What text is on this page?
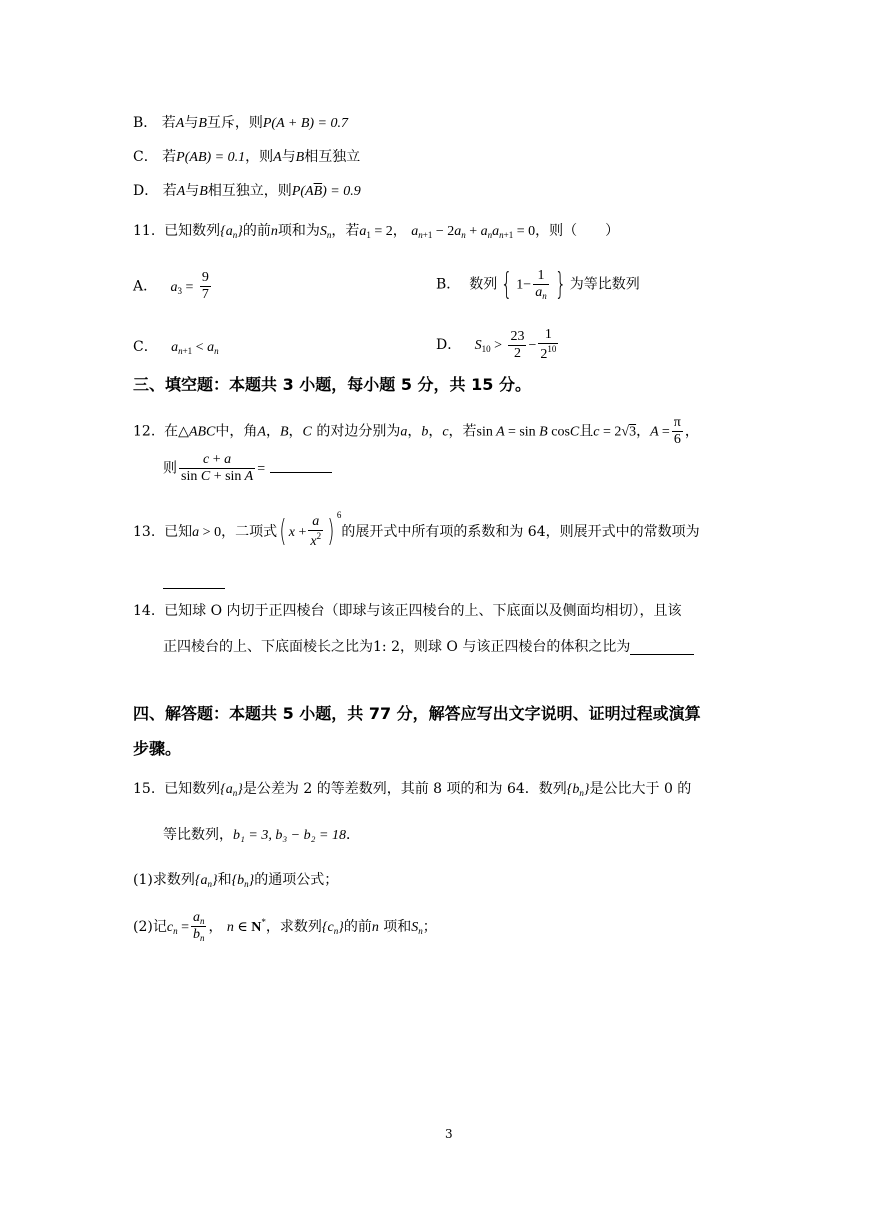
B． 若A与B互斥，则P(A + B) = 0.7
C． 若P(AB) = 0.1，则A与B相互独立
D． 若A与B相互独立，则$P(A\overline{B}) = 0.9$
11. 已知数列$\{a_n\}$的前n项和为$S_n$，若$a_1 = 2$， $a_{n+1} - 2a_n + a_na_{n+1} = 0$，则（　　）
A． $a_3 = \frac{9}{7}$	B． 数列 { $1- \frac{1}{a_n}$ } 为等比数列
C． $a_{n+1} < a_n$	D． $S_{10} > \frac{23}{2} - \frac{1}{2^{10}}$
三、填空题：本题共 3 小题，每小题 5 分，共 15 分。
12. 在△ABC中，角A，B，C 的对边分别为a，b，c，若sin A = sin B cosC且c = 2√3，$A = \frac{\pi}{6}$ ，
则 $\frac{c + a}{\text{sin C + sin A}}$ =
13. 已知a > 0，二项式( $x + \frac{a}{x^2}$ ) $^6$的展开式中所有项的系数和为 64，则展开式中的常数项为

14. 已知球 O 内切于正四棱台（即球与该正四棱台的上、下底面以及侧面均相切），且该
正四棱台的上、下底面棱长之比为1: 2，则球 O 与该正四棱台的体积之比为
四、解答题：本题共 5 小题，共 77 分，解答应写出文字说明、证明过程或演算
步骤。
15. 已知数列$\{a_n\}$是公差为 2 的等差数列，其前 8 项的和为 64．数列$\{b_n\}$是公比大于 0 的
等比数列，b₁ = 3, b₃ − b₂ = 18．
(1)求数列$\{a_n\}$和$\{b_n\}$的通项公式；
(2)记$c_n = \frac{a_n}{b_n}$ ， n ∈ N*，求数列$\{c_n\}$的前n 项和$S_n$；
3
